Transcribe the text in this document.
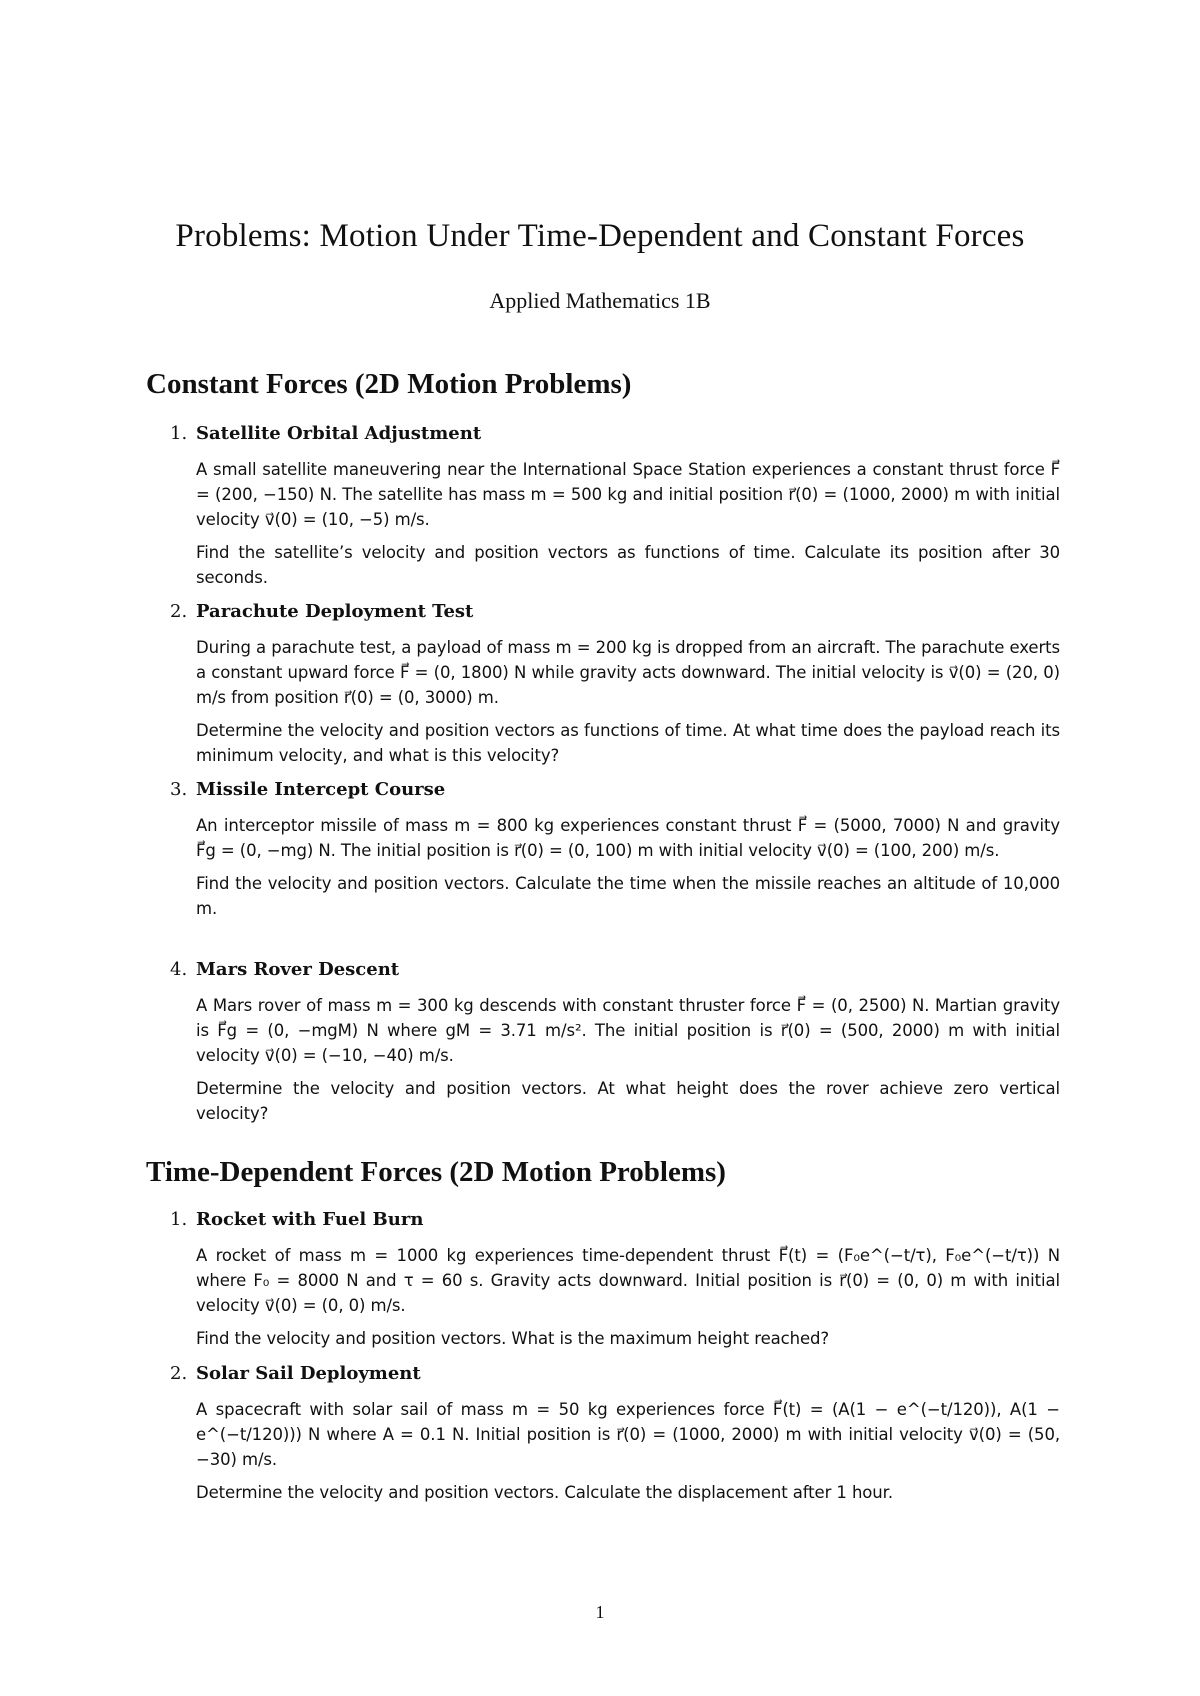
Problems: Motion Under Time-Dependent and Constant Forces
Applied Mathematics 1B
Constant Forces (2D Motion Problems)
1. Satellite Orbital Adjustment

A small satellite maneuvering near the International Space Station experiences a constant thrust force F⃗ = (200, −150) N. The satellite has mass m = 500 kg and initial position r⃗(0) = (1000, 2000) m with initial velocity v⃗(0) = (10, −5) m/s.

Find the satellite’s velocity and position vectors as functions of time. Calculate its position after 30 seconds.

2. Parachute Deployment Test

During a parachute test, a payload of mass m = 200 kg is dropped from an aircraft. The parachute exerts a constant upward force F⃗ = (0, 1800) N while gravity acts downward. The initial velocity is v⃗(0) = (20, 0) m/s from position r⃗(0) = (0, 3000) m.

Determine the velocity and position vectors as functions of time. At what time does the payload reach its minimum velocity, and what is this velocity?

3. Missile Intercept Course

An interceptor missile of mass m = 800 kg experiences constant thrust F⃗ = (5000, 7000) N and gravity F⃗g = (0, −mg) N. The initial position is r⃗(0) = (0, 100) m with initial velocity v⃗(0) = (100, 200) m/s.

Find the velocity and position vectors. Calculate the time when the missile reaches an altitude of 10,000 m.

4. Mars Rover Descent

A Mars rover of mass m = 300 kg descends with constant thruster force F⃗ = (0, 2500) N. Martian gravity is F⃗g = (0, −mgM) N where gM = 3.71 m/s². The initial position is r⃗(0) = (500, 2000) m with initial velocity v⃗(0) = (−10, −40) m/s.

Determine the velocity and position vectors. At what height does the rover achieve zero vertical velocity?

Time-Dependent Forces (2D Motion Problems)
1. Rocket with Fuel Burn

A rocket of mass m = 1000 kg experiences time-dependent thrust F⃗(t) = (F₀e^(−t/τ), F₀e^(−t/τ)) N where F₀ = 8000 N and τ = 60 s. Gravity acts downward. Initial position is r⃗(0) = (0, 0) m with initial velocity v⃗(0) = (0, 0) m/s.

Find the velocity and position vectors. What is the maximum height reached?

2. Solar Sail Deployment

A spacecraft with solar sail of mass m = 50 kg experiences force F⃗(t) = (A(1 − e^(−t/120)), A(1 − e^(−t/120))) N where A = 0.1 N. Initial position is r⃗(0) = (1000, 2000) m with initial velocity v⃗(0) = (50, −30) m/s.

Determine the velocity and position vectors. Calculate the displacement after 1 hour.

1
